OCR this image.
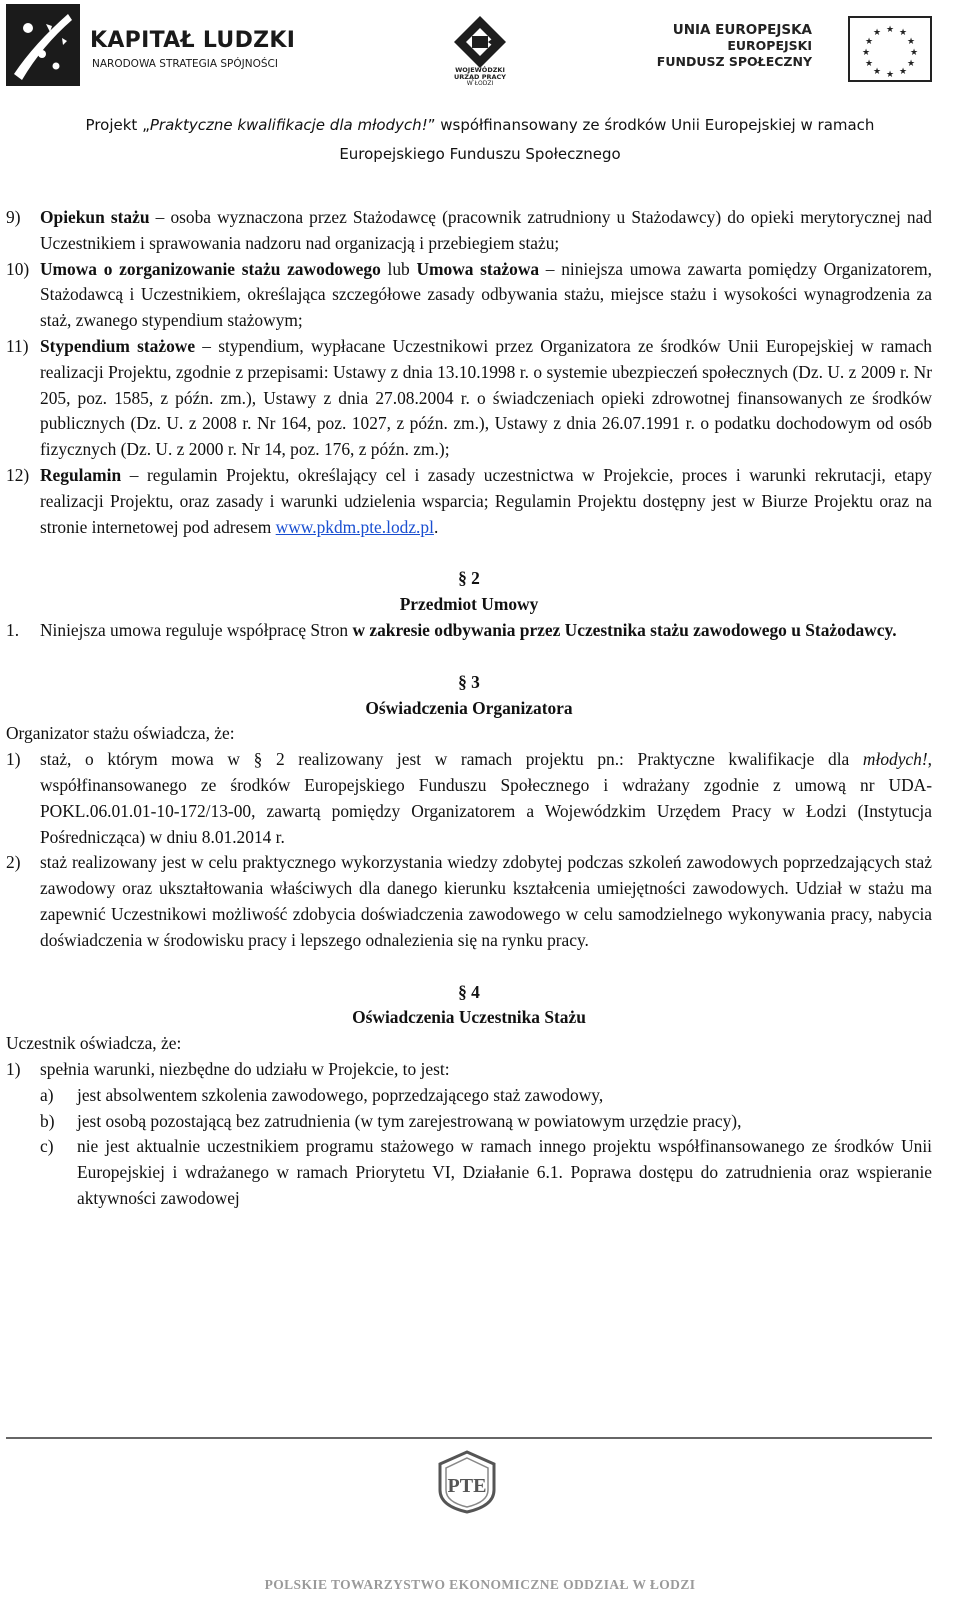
KAPITAŁ LUDZKI
NARODOWA STRATEGIA SPÓJNOŚCI	WOJEWÓDZKI
URZĄD PRACY
W ŁODZI
UNIA EUROPEJSKA
EUROPEJSKI
FUNDUSZ SPOŁECZNY
★ ★
★
★
★
★
★
★
★
★
★
★
Projekt „Praktyczne kwalifikacje dla młodych!” współfinansowany ze środków Unii Europejskiej w ramach
Europejskiego Funduszu Społecznego
9) Opiekun stażu – osoba wyznaczona przez Stażodawcę (pracownik zatrudniony u Stażodawcy) do opieki merytorycznej nad Uczestnikiem i sprawowania nadzoru nad organizacją i przebiegiem stażu;
10) Umowa o zorganizowanie stażu zawodowego lub Umowa stażowa – niniejsza umowa zawarta pomiędzy Organizatorem, Stażodawcą i Uczestnikiem, określająca szczegółowe zasady odbywania stażu, miejsce stażu i wysokości wynagrodzenia za staż, zwanego stypendium stażowym;
11) Stypendium stażowe – stypendium, wypłacane Uczestnikowi przez Organizatora ze środków Unii Europejskiej w ramach realizacji Projektu, zgodnie z przepisami: Ustawy z dnia 13.10.1998 r. o systemie ubezpieczeń społecznych (Dz. U. z 2009 r. Nr 205, poz. 1585, z późn. zm.), Ustawy z dnia 27.08.2004 r. o świadczeniach opieki zdrowotnej finansowanych ze środków publicznych (Dz. U. z 2008 r. Nr 164, poz. 1027, z późn. zm.), Ustawy z dnia 26.07.1991 r. o podatku dochodowym od osób fizycznych (Dz. U. z 2000 r. Nr 14, poz. 176, z późn. zm.);
12) Regulamin – regulamin Projektu, określający cel i zasady uczestnictwa w Projekcie, proces i warunki rekrutacji, etapy realizacji Projektu, oraz zasady i warunki udzielenia wsparcia; Regulamin Projektu dostępny jest w Biurze Projektu oraz na stronie internetowej pod adresem www.pkdm.pte.lodz.pl.
§ 2
Przedmiot Umowy
1. Niniejsza umowa reguluje współpracę Stron w zakresie odbywania przez Uczestnika stażu zawodowego u Stażodawcy.
§ 3
Oświadczenia Organizatora
Organizator stażu oświadcza, że:
1) staż, o którym mowa w § 2 realizowany jest w ramach projektu pn.: Praktyczne kwalifikacje dla młodych!, współfinansowanego ze środków Europejskiego Funduszu Społecznego i wdrażany zgodnie z umową nr UDA-POKL.06.01.01-10-172/13-00, zawartą pomiędzy Organizatorem a Wojewódzkim Urzędem Pracy w Łodzi (Instytucja Pośrednicząca) w dniu 8.01.2014 r.
2) staż realizowany jest w celu praktycznego wykorzystania wiedzy zdobytej podczas szkoleń zawodowych poprzedzających staż zawodowy oraz ukształtowania właściwych dla danego kierunku kształcenia umiejętności zawodowych. Udział w stażu ma zapewnić Uczestnikowi możliwość zdobycia doświadczenia zawodowego w celu samodzielnego wykonywania pracy, nabycia doświadczenia w środowisku pracy i lepszego odnalezienia się na rynku pracy.
§ 4
Oświadczenia Uczestnika Stażu
Uczestnik oświadcza, że:
1) spełnia warunki, niezbędne do udziału w Projekcie, to jest:
a) jest absolwentem szkolenia zawodowego, poprzedzającego staż zawodowy,
b) jest osobą pozostającą bez zatrudnienia (w tym zarejestrowaną w powiatowym urzędzie pracy),
c) nie jest aktualnie uczestnikiem programu stażowego w ramach innego projektu współfinansowanego ze środków Unii Europejskiej i wdrażanego w ramach Priorytetu VI, Działanie 6.1. Poprawa dostępu do zatrudnienia oraz wspieranie aktywności zawodowej
PTE
POLSKIE TOWARZYSTWO EKONOMICZNE ODDZIAŁ W ŁODZI
